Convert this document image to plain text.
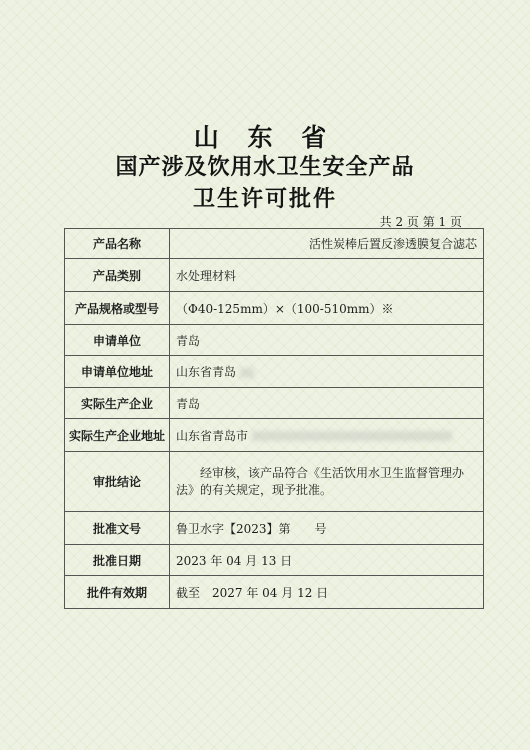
山 东 省
国产涉及饮用水卫生安全产品
卫生许可批件
共 2 页 第 1 页
产品名称	活性炭棒后置反渗透膜复合滤芯
产品类别	水处理材料
产品规格或型号	（Φ40-125mm）×（100-510mm）※
申请单位	青岛
申请单位地址	山东省青岛
实际生产企业	青岛
实际生产企业地址	山东省青岛市
审批结论	经审核，该产品符合《生活饮用水卫生监督管理办法》的有关规定，现予批准。

批准文号	鲁卫水字【2023】第　　号
批准日期	2023 年 04 月 13 日
批件有效期	截至　2027 年 04 月 12 日
